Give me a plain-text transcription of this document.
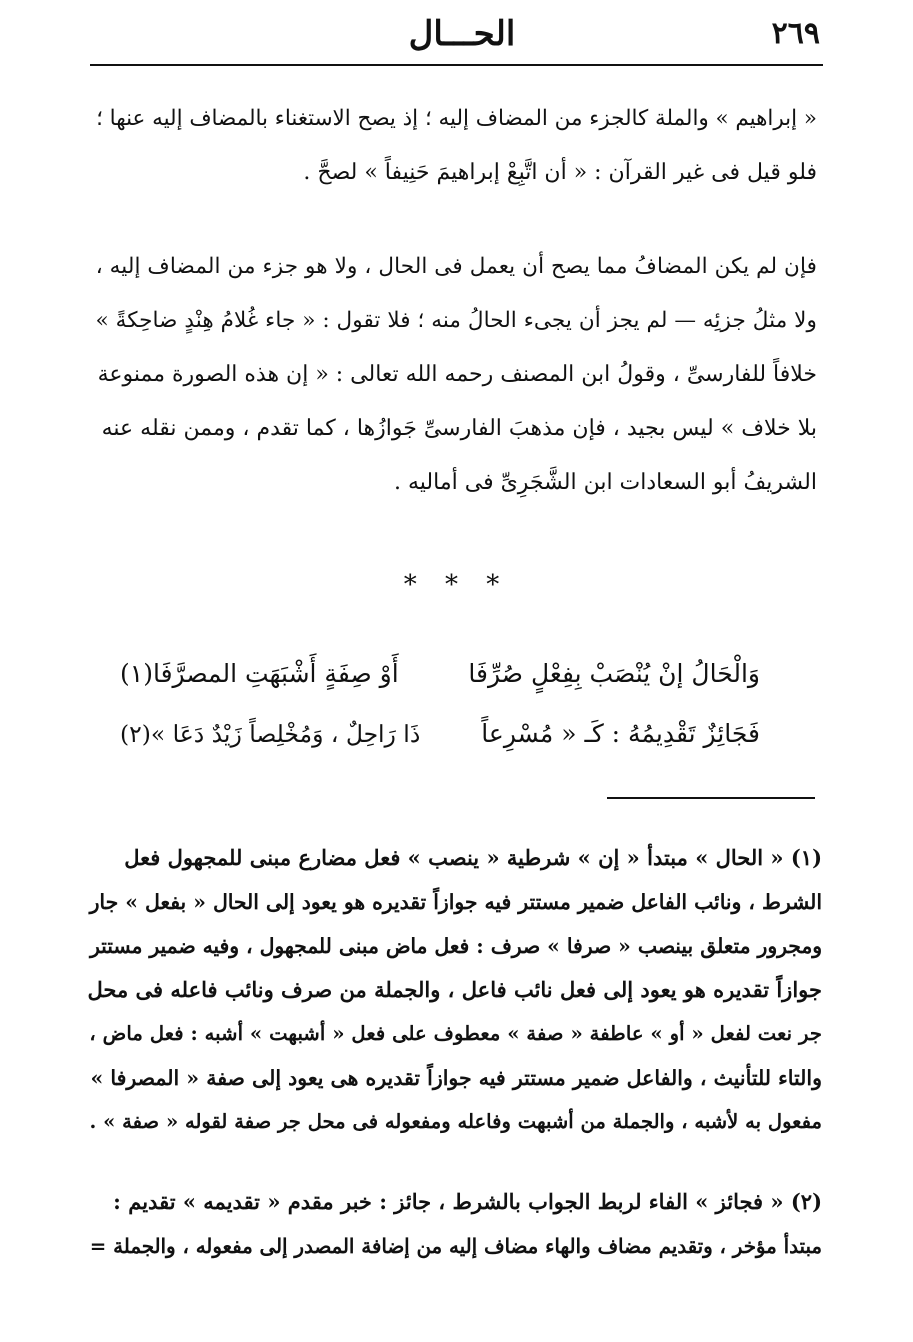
٢٦٩
الحـــال
« إبراهيم » والملة كالجزء من المضاف إليه ؛ إذ يصح الاستغناء بالمضاف إليه عنها ؛
فلو قيل فى غير القرآن : « أن اتَّبِعْ إبراهيمَ حَنِيفاً » لصحَّ .
فإن لم يكن المضافُ مما يصح أن يعمل فى الحال ، ولا هو جزء من المضاف إليه ،
ولا مثلُ جزئِه — لم يجز أن يجىء الحالُ منه ؛ فلا تقول : « جاء غُلامُ هِنْدٍ ضاحِكةً »
خلافاً للفارسىِّ ، وقولُ ابن المصنف رحمه الله تعالى : « إن هذه الصورة ممنوعة
بلا خلاف » ليس بجيد ، فإن مذهبَ الفارسىِّ جَوازُها ، كما تقدم ، وممن نقله عنه
الشريفُ أبو السعادات ابن الشَّجَرِىِّ فى أماليه .
* * *
وَالْحَالُ إنْ يُنْصَبْ بِفِعْلٍ صُرِّفَا
أَوْ صِفَةٍ أَشْبَهَتِ المصرَّفَا(١)
فَجَائِزٌ تَقْدِيمُهُ : كَـ « مُسْرِعاً
ذَا رَاحِلٌ ، وَمُخْلِصاً زَيْدٌ دَعَا »(٢)
(١) « الحال » مبتدأ « إن » شرطية « ينصب » فعل مضارع مبنى للمجهول فعل
الشرط ، ونائب الفاعل ضمير مستتر فيه جوازاً تقديره هو يعود إلى الحال « بفعل » جار
ومجرور متعلق بينصب « صرفا » صرف : فعل ماض مبنى للمجهول ، وفيه ضمير مستتر
جوازاً تقديره هو يعود إلى فعل نائب فاعل ، والجملة من صرف ونائب فاعله فى محل
جر نعت لفعل « أو » عاطفة « صفة » معطوف على فعل « أشبهت » أشبه : فعل ماض ،
والتاء للتأنيث ، والفاعل ضمير مستتر فيه جوازاً تقديره هى يعود إلى صفة « المصرفا »
مفعول به لأشبه ، والجملة من أشبهت وفاعله ومفعوله فى محل جر صفة لقوله « صفة » .
(٢) « فجائز » الفاء لربط الجواب بالشرط ، جائز : خبر مقدم « تقديمه » تقديم :
مبتدأ مؤخر ، وتقديم مضاف والهاء مضاف إليه من إضافة المصدر إلى مفعوله ، والجملة =
